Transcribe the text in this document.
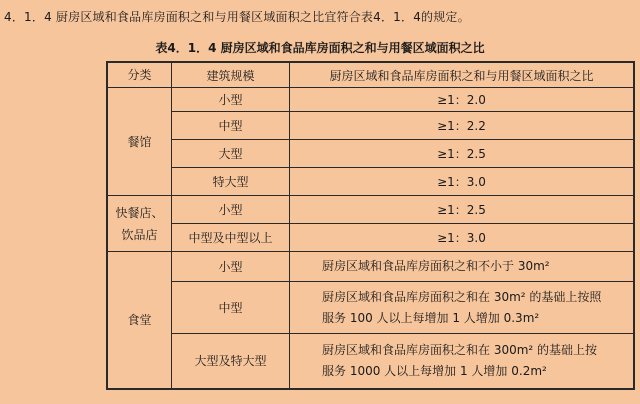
4．1．4 厨房区域和食品库房面积之和与用餐区域面积之比宜符合表4．1．4的规定。
表4．1．4 厨房区域和食品库房面积之和与用餐区域面积之比
分类	建筑规模	厨房区域和食品库房面积之和与用餐区域面积之比
餐馆	小型	≥1：2.0
	中型	≥1：2.2
	大型	≥1：2.5
	特大型	≥1：3.0

快餐店、
饮品店	小型	≥1：2.5
	中型及中型以上	≥1：3.0
食堂	小型	厨房区域和食品库房面积之和不小于 30m²

	中型	厨房区域和食品库房面积之和在 30m² 的基础上按照
服务 100 人以上每增加 1 人增加 0.3m²

	大型及特大型	厨房区域和食品库房面积之和在 300m² 的基础上按
服务 1000 人以上每增加 1 人增加 0.2m²
